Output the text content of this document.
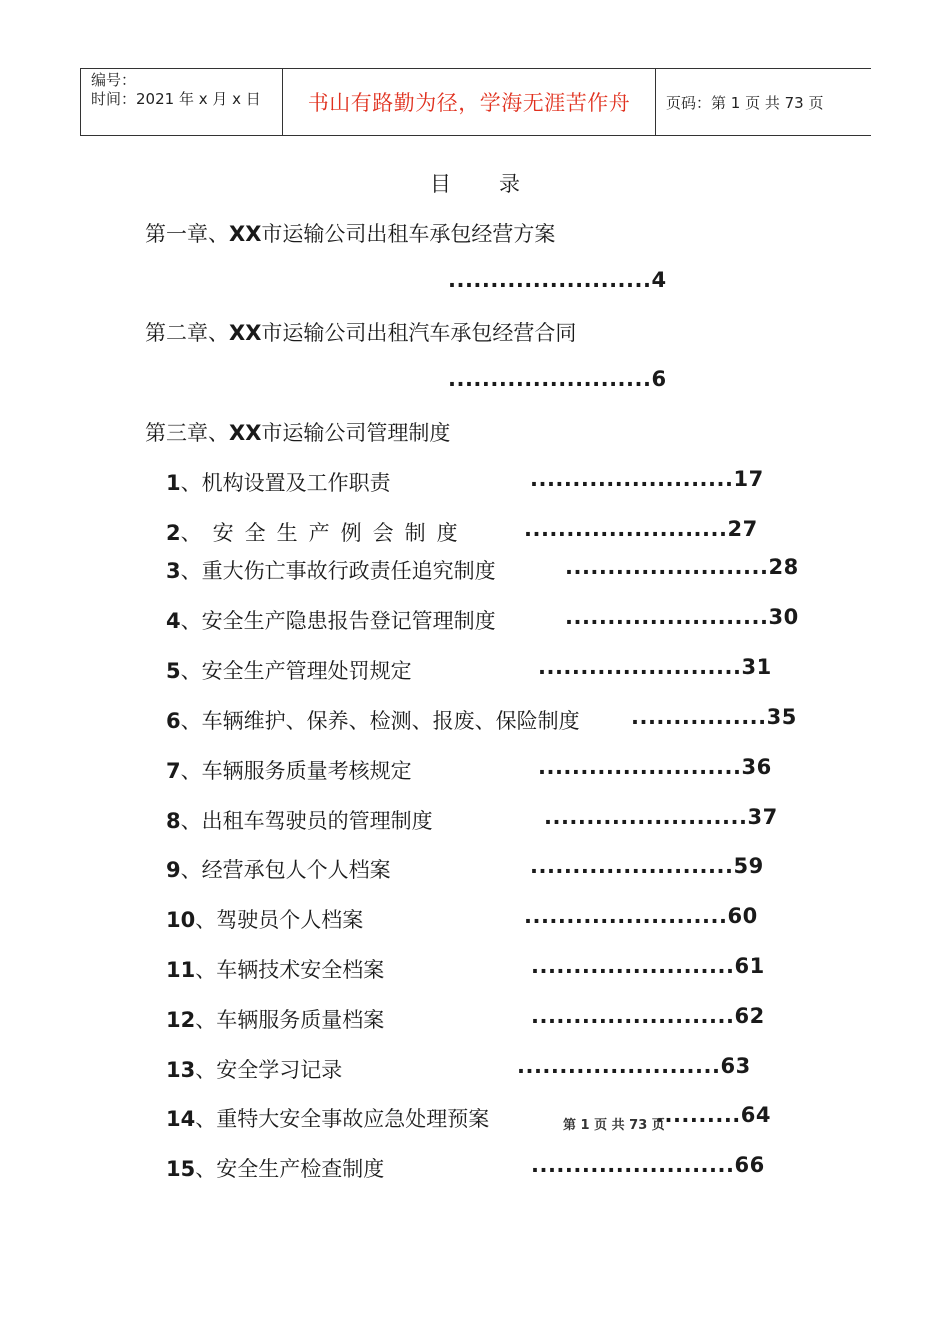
编号：
时间：2021 年 x 月 x 日	书山有路勤为径，学海无涯苦作舟	页码：第 1 页 共 73 页
目 录
第一章、XX市运输公司出租车承包经营方案
........................4
第二章、XX市运输公司出租汽车承包经营合同
........................6
第三章、XX市运输公司管理制度
1、机构设置及工作职责	........................17
2、安全生产例会制度	........................27
3、重大伤亡事故行政责任追究制度	........................28
4、安全生产隐患报告登记管理制度	........................30
5、安全生产管理处罚规定	........................31
6、车辆维护、保养、检测、报废、保险制度 ................35
7、车辆服务质量考核规定	........................36
8、出租车驾驶员的管理制度	........................37
9、经营承包人个人档案	........................59
10、驾驶员个人档案	........................60
11、车辆技术安全档案	........................61
12、车辆服务质量档案	........................62
13、安全学习记录	........................63
14、重特大安全事故应急处理预案	..........64
第 1 页 共 73 页
15、安全生产检查制度	........................66
